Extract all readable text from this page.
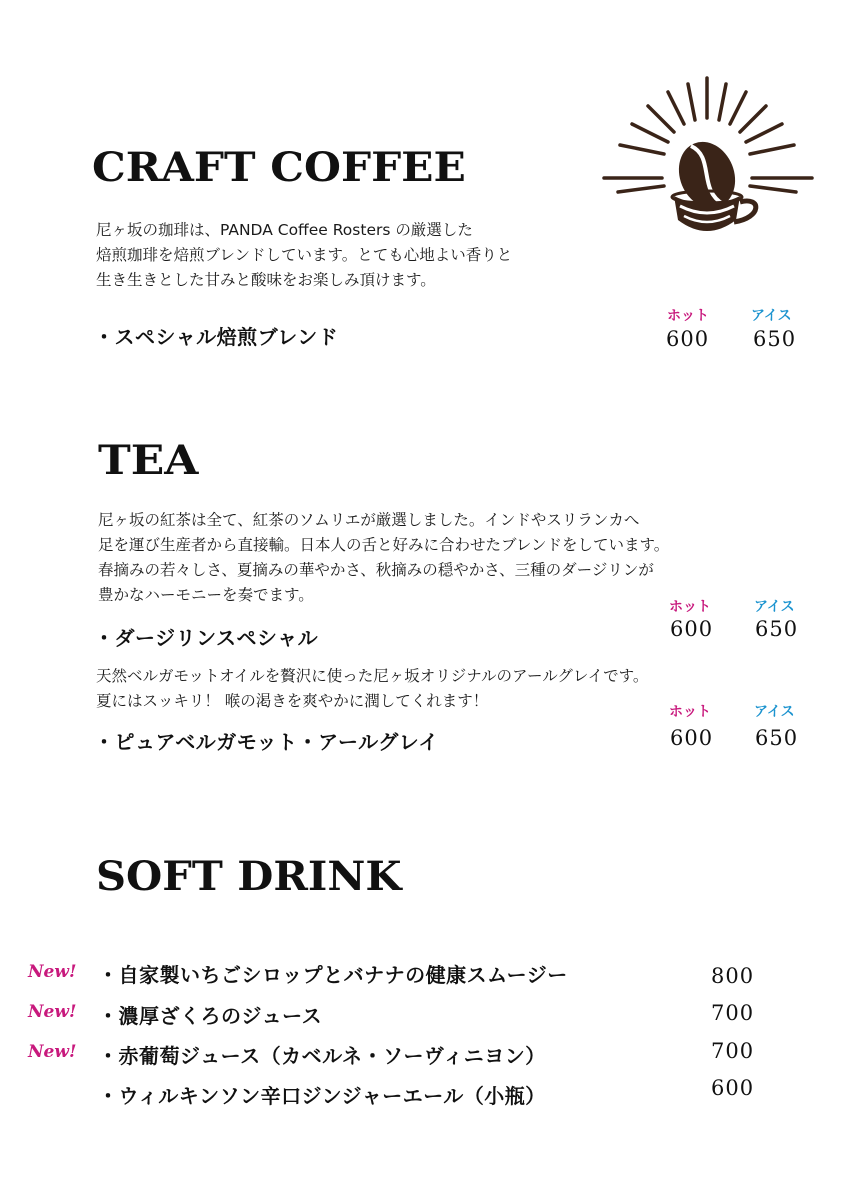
CRAFT COFFEE
尼ヶ坂の珈琲は、PANDA Coffee Rosters の厳選した
焙煎珈琲を焙煎ブレンドしています。とても心地よい香りと
生き生きとした甘みと酸味をお楽しみ頂けます。
・スペシャル焙煎ブレンド
ホット	アイス
600 650
TEA
尼ヶ坂の紅茶は全て、紅茶のソムリエが厳選しました。インドやスリランカへ
足を運び生産者から直接輸。日本人の舌と好みに合わせたブレンドをしています。
春摘みの若々しさ、夏摘みの華やかさ、秋摘みの穏やかさ、三種のダージリンが
豊かなハーモニーを奏でます。
・ダージリンスペシャル
ホット	アイス
600 650
天然ベルガモットオイルを贅沢に使った尼ヶ坂オリジナルのアールグレイです。
夏にはスッキリ！ 喉の渇きを爽やかに潤してくれます！
・ピュアベルガモット・アールグレイ
ホット	アイス
600 650
SOFT DRINK
New! ・自家製いちごシロップとバナナの健康スムージー	800
New! ・濃厚ざくろのジュース	700
New! ・赤葡萄ジュース（カベルネ・ソーヴィニヨン）	700
・ウィルキンソン辛口ジンジャーエール（小瓶）	600
